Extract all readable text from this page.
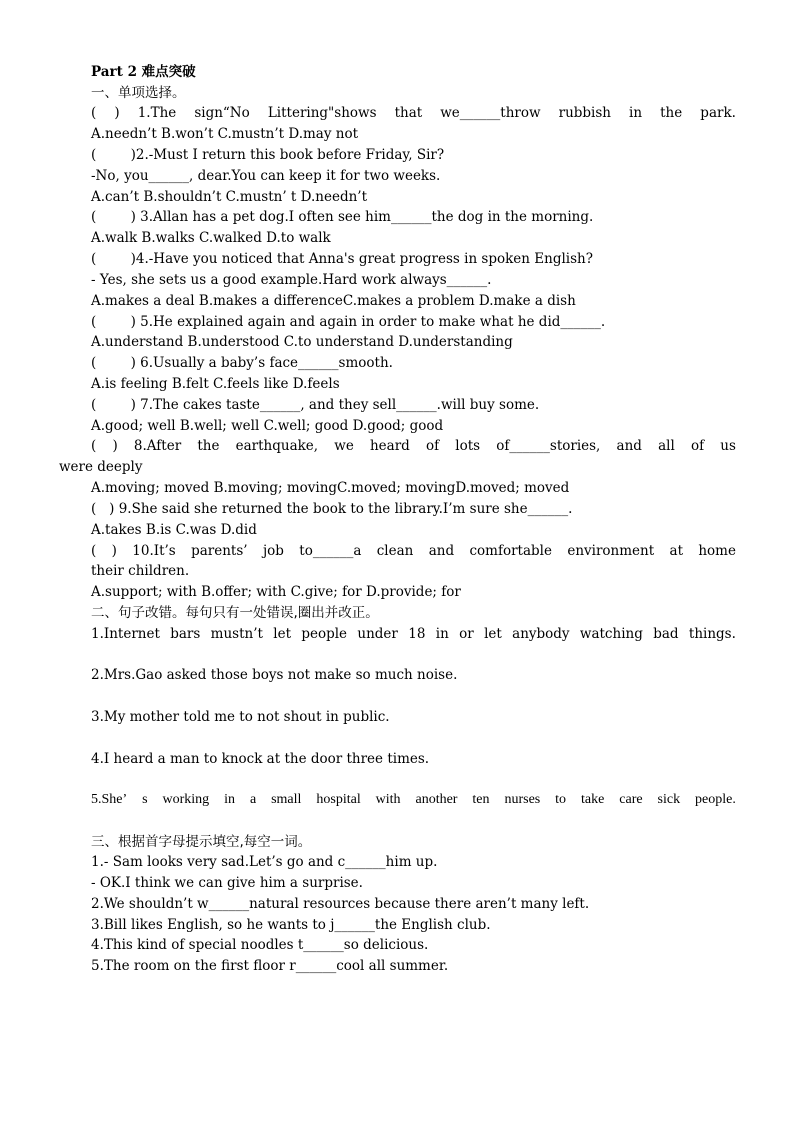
Part 2 难点突破
一、单项选择。
( ) 1.The sign“No Littering"shows that we______throw rubbish in the park.
A.needn’t B.won’t C.mustn’t D.may not
(        )2.-Must I return this book before Friday, Sir?
-No, you______, dear.You can keep it for two weeks.
A.can’t B.shouldn’t C.mustn’ t D.needn’t
(        ) 3.Allan has a pet dog.I often see him______the dog in the morning.
A.walk B.walks C.walked D.to walk
(        )4.-Have you noticed that Anna's great progress in spoken English?
- Yes, she sets us a good example.Hard work always______.
A.makes a deal B.makes a differenceC.makes a problem D.make a dish
(        ) 5.He explained again and again in order to make what he did______.
A.understand B.understood C.to understand D.understanding
(        ) 6.Usually a baby’s face______smooth.
A.is feeling B.felt C.feels like D.feels
(        ) 7.The cakes taste______, and they sell______.will buy some.
A.good; well B.well; well C.well; good D.good; good
( ) 8.After the earthquake, we heard of lots of______stories, and all of us
were deeply
A.moving; moved B.moving; movingC.moved; movingD.moved; moved
(   ) 9.She said she returned the book to the library.I’m sure she______.
A.takes B.is C.was D.did
( ) 10.It’s parents’ job to______a clean and comfortable environment at home
their children.
A.support; with B.offer; with C.give; for D.provide; for
二、句子改错。每句只有一处错误,圈出并改正。
1.Internet bars mustn’t let people under 18 in or let anybody watching bad things.
2.Mrs.Gao asked those boys not make so much noise.
3.My mother told me to not shout in public.
4.I heard a man to knock at the door three times.
5.She’ s working in a small hospital with another ten nurses to take care sick people.
三、根据首字母提示填空,每空一词。
1.- Sam looks very sad.Let’s go and c______him up.
- OK.I think we can give him a surprise.
2.We shouldn’t w______natural resources because there aren’t many left.
3.Bill likes English, so he wants to j______the English club.
4.This kind of special noodles t______so delicious.
5.The room on the first floor r______cool all summer.
